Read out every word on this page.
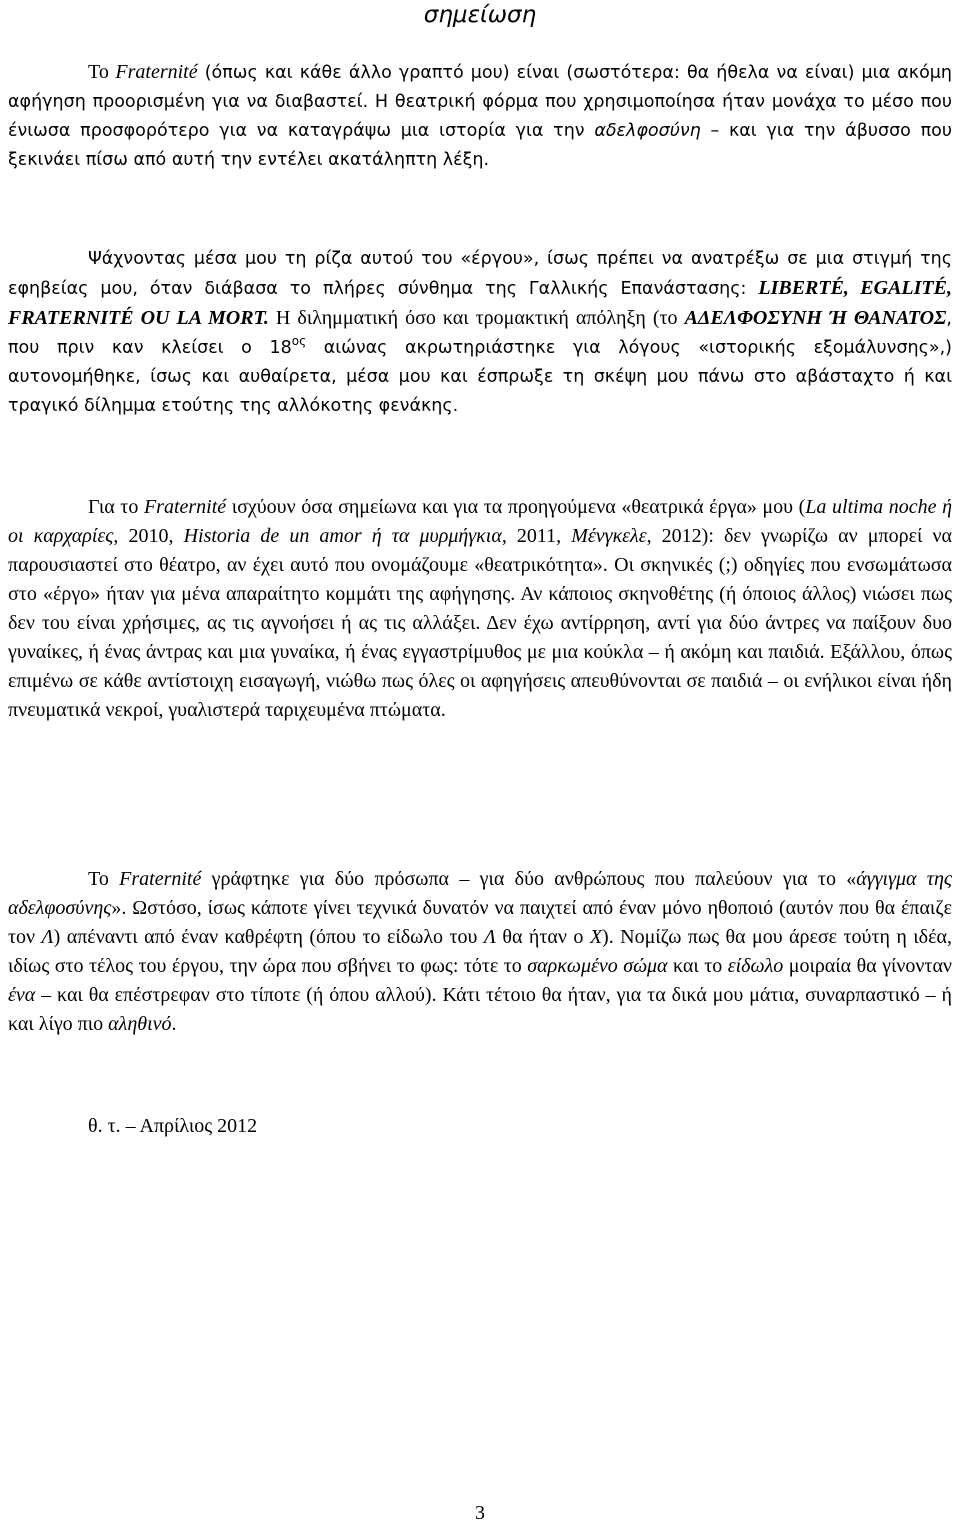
σημείωση

Το Fraternité (όπως και κάθε άλλο γραπτό μου) είναι (σωστότερα: θα ήθελα να είναι) μια ακόμη αφήγηση προορισμένη για να διαβαστεί. Η θεατρική φόρμα που χρησιμοποίησα ήταν μονάχα το μέσο που ένιωσα προσφορότερο για να καταγράψω μια ιστορία για την αδελφοσύνη – και για την άβυσσο που ξεκινάει πίσω από αυτή την εντέλει ακατάληπτη λέξη.

Ψάχνοντας μέσα μου τη ρίζα αυτού του «έργου», ίσως πρέπει να ανατρέξω σε μια στιγμή της εφηβείας μου, όταν διάβασα το πλήρες σύνθημα της Γαλλικής Επανάστασης: LIBERTÉ, EGALITÉ, FRATERNITÉ OU LA MORT. Η διλημματική όσο και τρομακτική απόληξη (το ΑΔΕΛΦΟΣΥΝΗ Ή ΘΑΝΑΤΟΣ, που πριν καν κλείσει ο $18^{o\varsigma}$ αιώνας ακρωτηριάστηκε για λόγους «ιστορικής εξομάλυνσης»,) αυτονομήθηκε, ίσως και αυθαίρετα, μέσα μου και έσπρωξε τη σκέψη μου πάνω στο αβάσταχτο ή και τραγικό δίλημμα ετούτης της αλλόκοτης φενάκης.

Για το Fraternité ισχύουν όσα σημείωνα και για τα προηγούμενα «θεατρικά έργα» μου (La ultima noche ή οι καρχαρίες, 2010, Historia de un amor ή τα μυρμήγκια, 2011, Μένγκελε, 2012): δεν γνωρίζω αν μπορεί να παρουσιαστεί στο θέατρο, αν έχει αυτό που ονομάζουμε «θεατρικότητα». Οι σκηνικές (;) οδηγίες που ενσωμάτωσα στο «έργο» ήταν για μένα απαραίτητο κομμάτι της αφήγησης. Αν κάποιος σκηνοθέτης (ή όποιος άλλος) νιώσει πως δεν του είναι χρήσιμες, ας τις αγνοήσει ή ας τις αλλάξει. Δεν έχω αντίρρηση, αντί για δύο άντρες να παίξουν δυο γυναίκες, ή ένας άντρας και μια γυναίκα, ή ένας εγγαστρίμυθος με μια κούκλα – ή ακόμη και παιδιά. Εξάλλου, όπως επιμένω σε κάθε αντίστοιχη εισαγωγή, νιώθω πως όλες οι αφηγήσεις απευθύνονται σε παιδιά – οι ενήλικοι είναι ήδη πνευματικά νεκροί, γυαλιστερά ταριχευμένα πτώματα.

Το Fraternité γράφτηκε για δύο πρόσωπα – για δύο ανθρώπους που παλεύουν για το «άγγιγμα της αδελφοσύνης». Ωστόσο, ίσως κάποτε γίνει τεχνικά δυνατόν να παιχτεί από έναν μόνο ηθοποιό (αυτόν που θα έπαιζε τον Λ) απέναντι από έναν καθρέφτη (όπου το είδωλο του Λ θα ήταν ο Χ). Νομίζω πως θα μου άρεσε τούτη η ιδέα, ιδίως στο τέλος του έργου, την ώρα που σβήνει το φως: τότε το σαρκωμένο σώμα και το είδωλο μοιραία θα γίνονταν ένα – και θα επέστρεφαν στο τίποτε (ή όπου αλλού). Κάτι τέτοιο θα ήταν, για τα δικά μου μάτια, συναρπαστικό – ή και λίγο πιο αληθινό.

θ. τ. – Απρίλιος 2012
3
